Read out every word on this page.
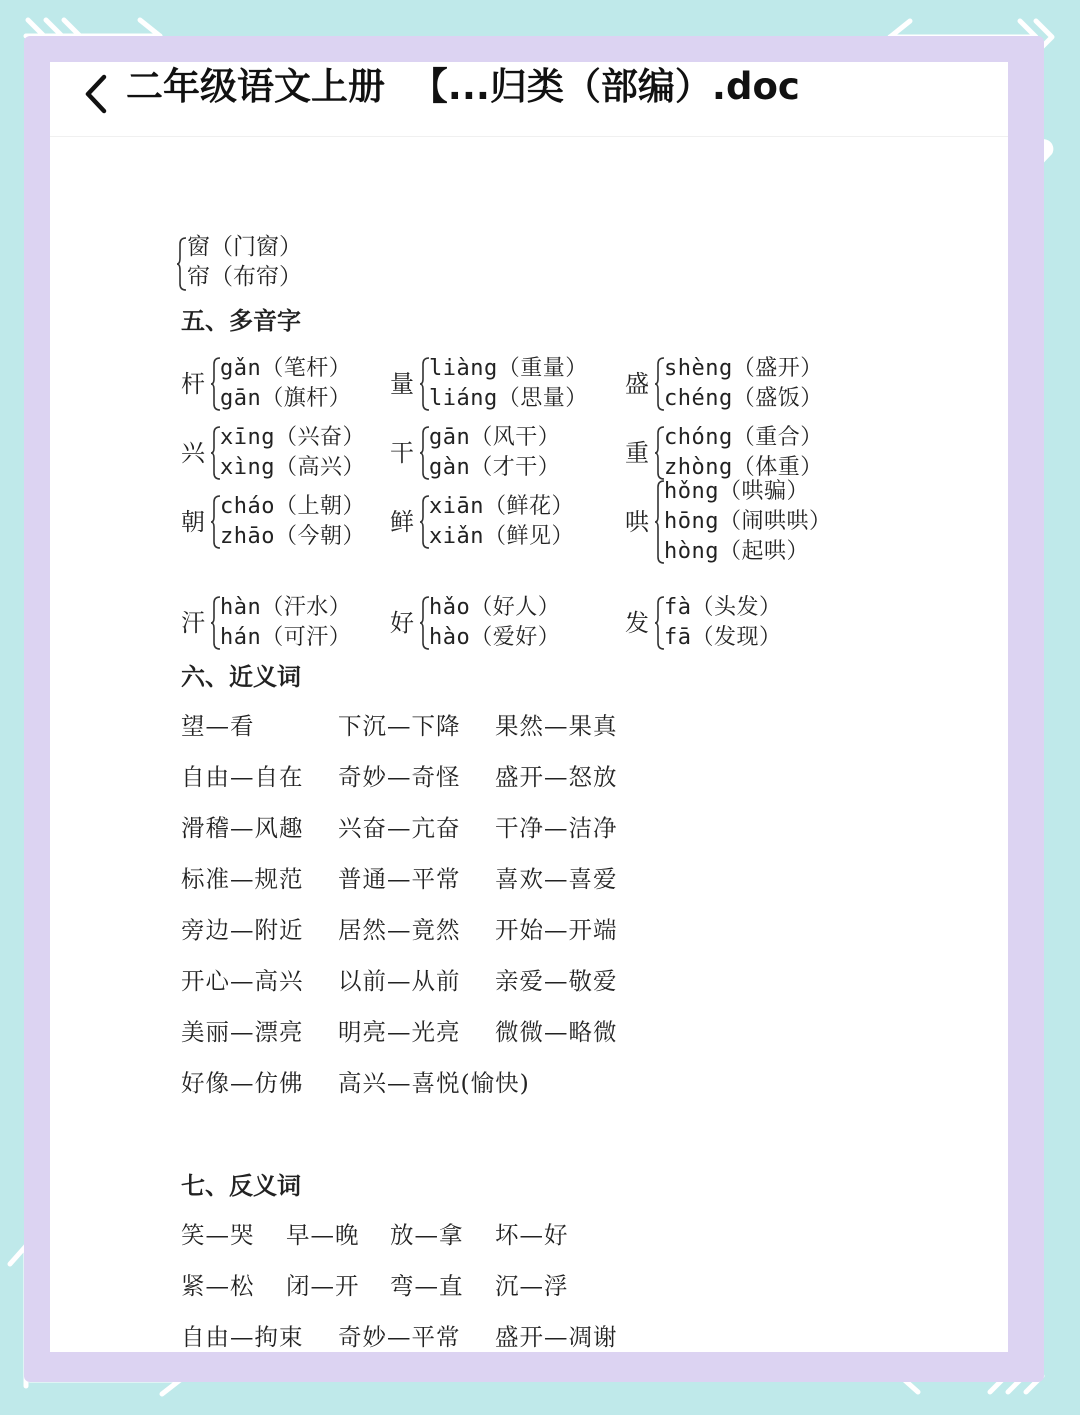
窗（门窗）
帘（布帘）
五、多音字
杆
gǎn（笔杆）
gān（旗杆）
量
liàng（重量）
liáng（思量）
盛
shèng（盛开）
chéng（盛饭）
兴
xīng（兴奋）
xìng（高兴）
干
gān（风干）
gàn（才干）
重
chóng（重合）
zhòng（体重）
朝
cháo（上朝）
zhāo（今朝）
鲜
xiān（鲜花）
xiǎn（鲜见）
哄
hǒng（哄骗）
hōng（闹哄哄）
hòng（起哄）
汗
hàn（汗水）
hán（可汗）
好
hǎo（好人）
hào（爱好）
发
fà（头发）
fā（发现）
六、近义词
望—看	下沉—下降 果然—果真
自由—自在 奇妙—奇怪 盛开—怒放
滑稽—风趣 兴奋—亢奋 干净—洁净
标准—规范 普通—平常 喜欢—喜爱
旁边—附近 居然—竟然 开始—开端
开心—高兴 以前—从前 亲爱—敬爱
美丽—漂亮 明亮—光亮 微微—略微
好像—仿佛 高兴—喜悦(愉快)
七、反义词
笑—哭 早—晚 放—拿 坏—好
紧—松 闭—开 弯—直 沉—浮
自由—拘束 奇妙—平常 盛开—凋谢
二年级语文上册  【...归类（部编）.doc
